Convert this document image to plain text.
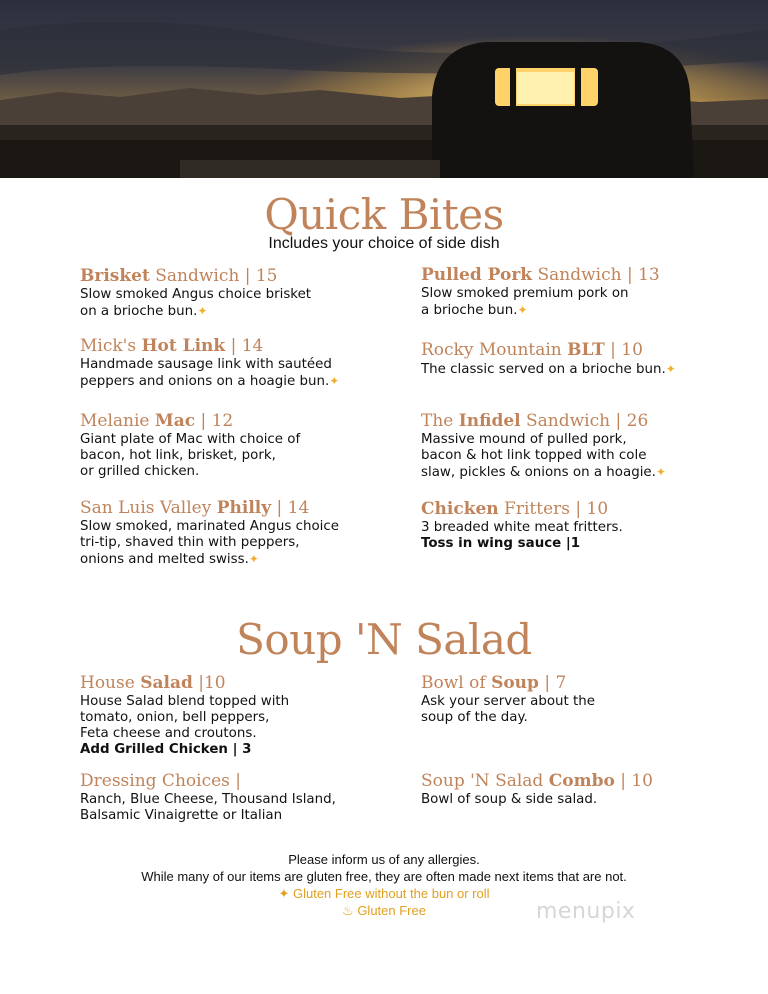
Quick Bites
Includes your choice of side dish
Brisket Sandwich | 15
Slow smoked Angus choice brisket
on a brioche bun.✦
Pulled Pork Sandwich | 13
Slow smoked premium pork on
a brioche bun.✦
Mick's Hot Link | 14
Handmade sausage link with sautéed
peppers and onions on a hoagie bun.✦
Rocky Mountain BLT | 10
The classic served on a brioche bun.✦
Melanie Mac | 12
Giant plate of Mac with choice of
bacon, hot link, brisket, pork,
or grilled chicken.
The Infidel Sandwich | 26
Massive mound of pulled pork,
bacon & hot link topped with cole
slaw, pickles & onions on a hoagie.✦
San Luis Valley Philly | 14
Slow smoked, marinated Angus choice
tri-tip, shaved thin with peppers,
onions and melted swiss.✦
Chicken Fritters | 10
3 breaded white meat fritters.
Toss in wing sauce |1
Soup 'N Salad
House Salad |10
House Salad blend topped with
tomato, onion, bell peppers,
Feta cheese and croutons.
Add Grilled Chicken | 3
Bowl of Soup | 7
Ask your server about the
soup of the day.
Dressing Choices |
Ranch, Blue Cheese, Thousand Island,
Balsamic Vinaigrette or Italian
Soup 'N Salad Combo | 10
Bowl of soup & side salad.
Please inform us of any allergies.
While many of our items are gluten free, they are often made next items that are not.
✦ Gluten Free without the bun or roll
♨ Gluten Free	menupix
